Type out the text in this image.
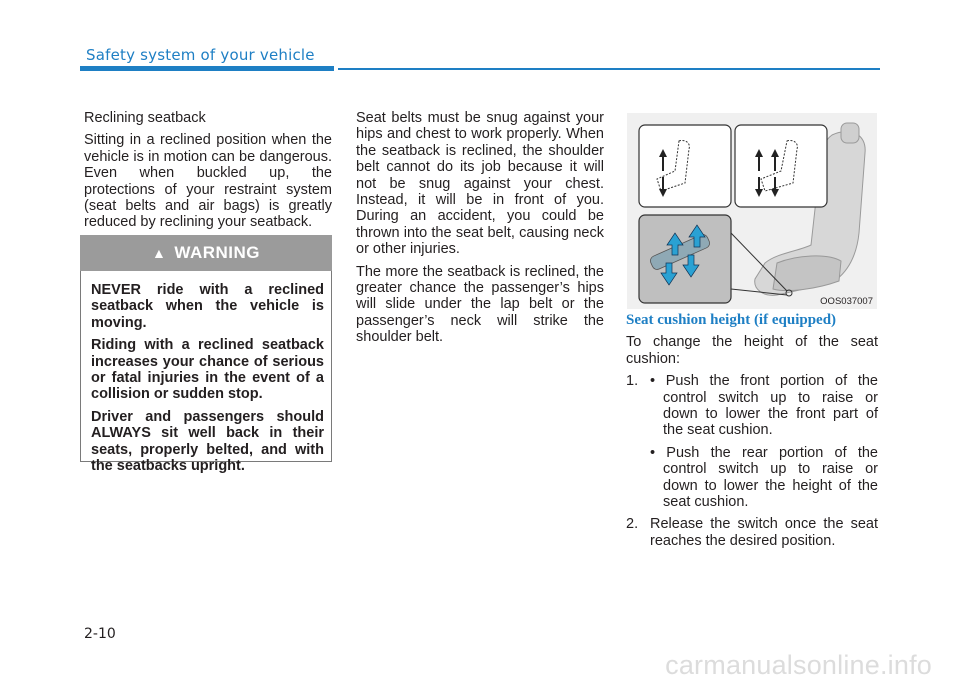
Safety system of your vehicle

Reclining seatback

Sitting in a reclined position when the vehicle is in motion can be dangerous. Even when buckled up, the protections of your restraint system (seat belts and air bags) is greatly reduced by reclining your seatback.

▲ WARNING

NEVER ride with a reclined seatback when the vehicle is moving.

Riding with a reclined seatback increases your chance of serious or fatal injuries in the event of a collision or sudden stop.

Driver and passengers should ALWAYS sit well back in their seats, properly belted, and with the seatbacks upright.

Seat belts must be snug against your hips and chest to work properly. When the seatback is reclined, the shoulder belt cannot do its job because it will not be snug against your chest. Instead, it will be in front of you. During an accident, you could be thrown into the seat belt, causing neck or other injuries.

The more the seatback is reclined, the greater chance the passenger’s hips will slide under the lap belt or the passenger’s neck will strike the shoulder belt.

OOS037007

Seat cushion height (if equipped)

To change the height of the seat cushion:

1. • Push the front portion of the control switch up to raise or down to lower the front part of the seat cushion.
• Push the rear portion of the control switch up to raise or down to lower the height of the seat cushion.
2. Release the switch once the seat reaches the desired position.
2-10
carmanualsonline.info
